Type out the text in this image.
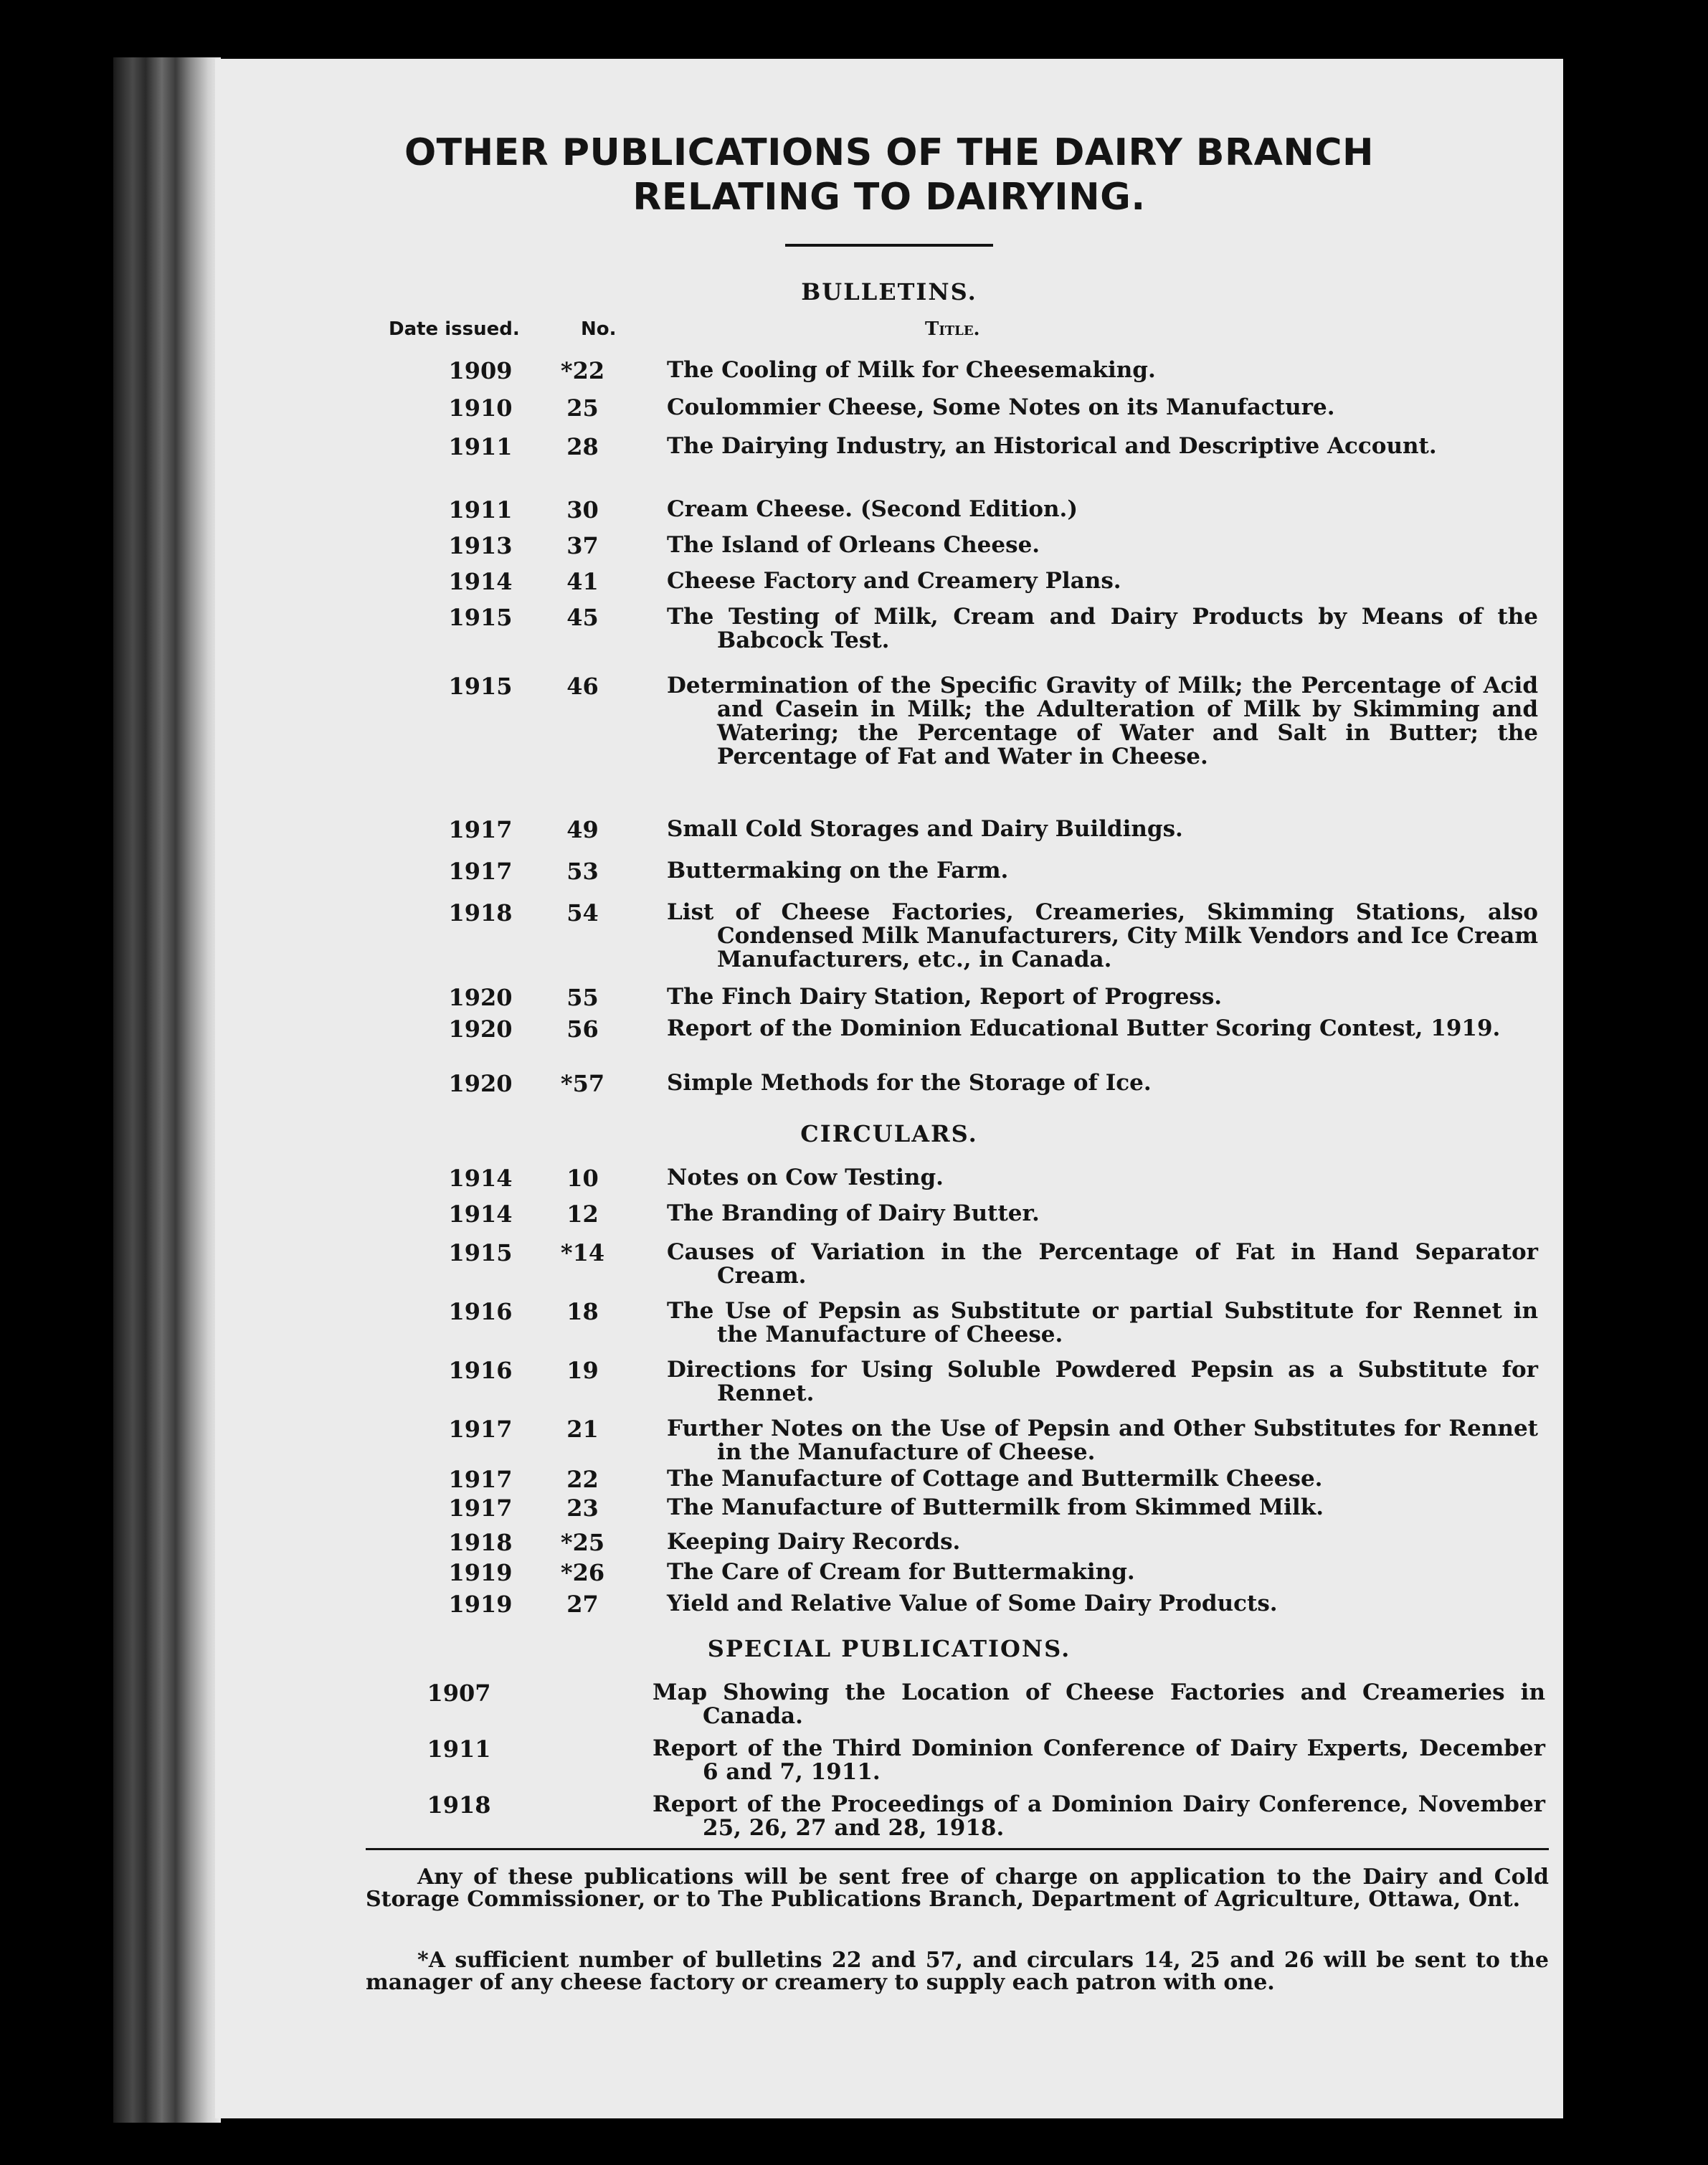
OTHER PUBLICATIONS OF THE DAIRY BRANCH
RELATING TO DAIRYING.
BULLETINS.
Date issued.	No.	Title.
1909	*22	The Cooling of Milk for Cheesemaking.
1910	25	Coulommier Cheese, Some Notes on its Manufacture.
1911	28	The Dairying Industry, an Historical and Descriptive Account.
1911	30	Cream Cheese. (Second Edition.)
1913	37	The Island of Orleans Cheese.
1914	41	Cheese Factory and Creamery Plans.
1915	45	The Testing of Milk, Cream and Dairy Products by Means of the Babcock Test.
1915	46	Determination of the Specific Gravity of Milk; the Percentage of Acid and Casein in Milk; the Adulteration of Milk by Skimming and Watering; the Percentage of Water and Salt in Butter; the Percentage of Fat and Water in Cheese.
1917	49	Small Cold Storages and Dairy Buildings.
1917	53	Buttermaking on the Farm.
1918	54	List of Cheese Factories, Creameries, Skimming Stations, also Condensed Milk Manufacturers, City Milk Vendors and Ice Cream Manufacturers, etc., in Canada.
1920	55	The Finch Dairy Station, Report of Progress.
1920	56	Report of the Dominion Educational Butter Scoring Contest, 1919.
1920	*57	Simple Methods for the Storage of Ice.
CIRCULARS.
1914	10	Notes on Cow Testing.
1914	12	The Branding of Dairy Butter.
1915	*14	Causes of Variation in the Percentage of Fat in Hand Separator Cream.
1916	18	The Use of Pepsin as Substitute or partial Substitute for Rennet in the Manufacture of Cheese.
1916	19	Directions for Using Soluble Powdered Pepsin as a Substitute for Rennet.
1917	21	Further Notes on the Use of Pepsin and Other Substitutes for Rennet in the Manufacture of Cheese.
1917	22	The Manufacture of Cottage and Buttermilk Cheese.
1917	23	The Manufacture of Buttermilk from Skimmed Milk.
1918	*25	Keeping Dairy Records.
1919	*26	The Care of Cream for Buttermaking.
1919	27	Yield and Relative Value of Some Dairy Products.
SPECIAL PUBLICATIONS.
1907	Map Showing the Location of Cheese Factories and Creameries in Canada.
1911	Report of the Third Dominion Conference of Dairy Experts, December 6 and 7, 1911.
1918	Report of the Proceedings of a Dominion Dairy Conference, November 25, 26, 27 and 28, 1918.
Any of these publications will be sent free of charge on application to the Dairy and Cold Storage Commissioner, or to The Publications Branch, Department of Agriculture, Ottawa, Ont.
*A sufficient number of bulletins 22 and 57, and circulars 14, 25 and 26 will be sent to the manager of any cheese factory or creamery to supply each patron with one.
